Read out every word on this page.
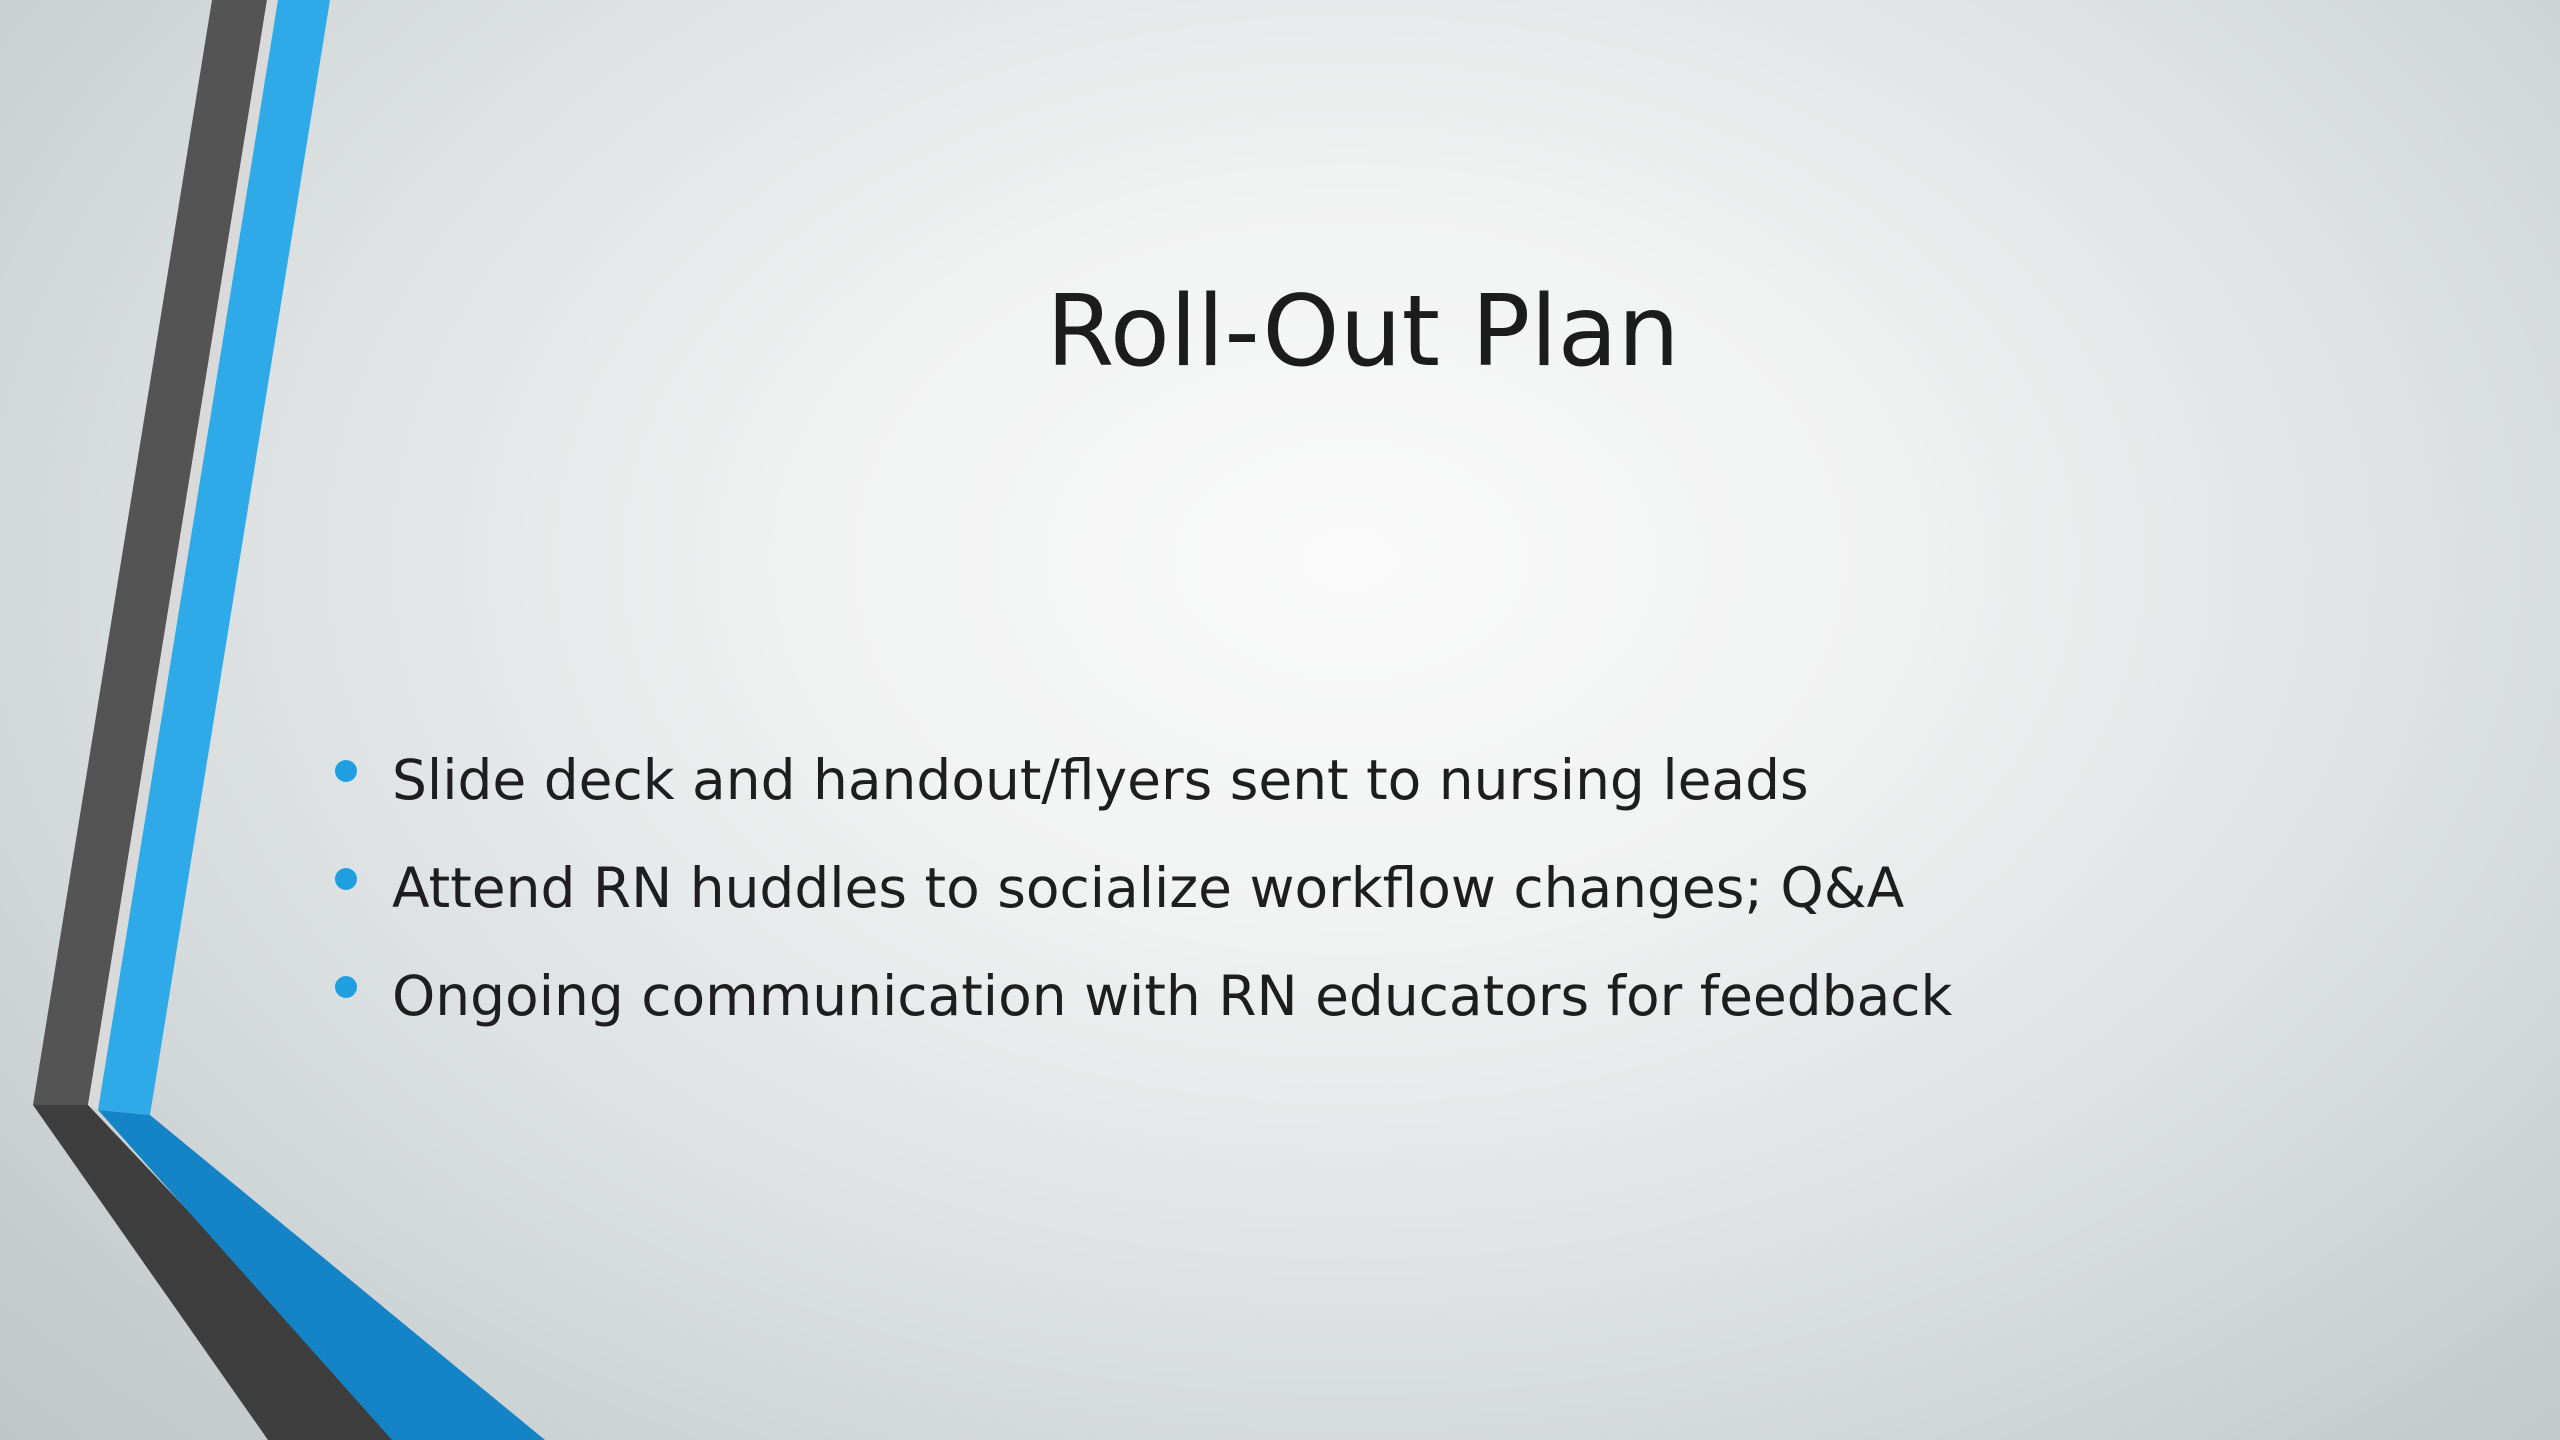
Roll-Out Plan
Slide deck and handout/flyers sent to nursing leads
Attend RN huddles to socialize workflow changes; Q&A
Ongoing communication with RN educators for feedback
